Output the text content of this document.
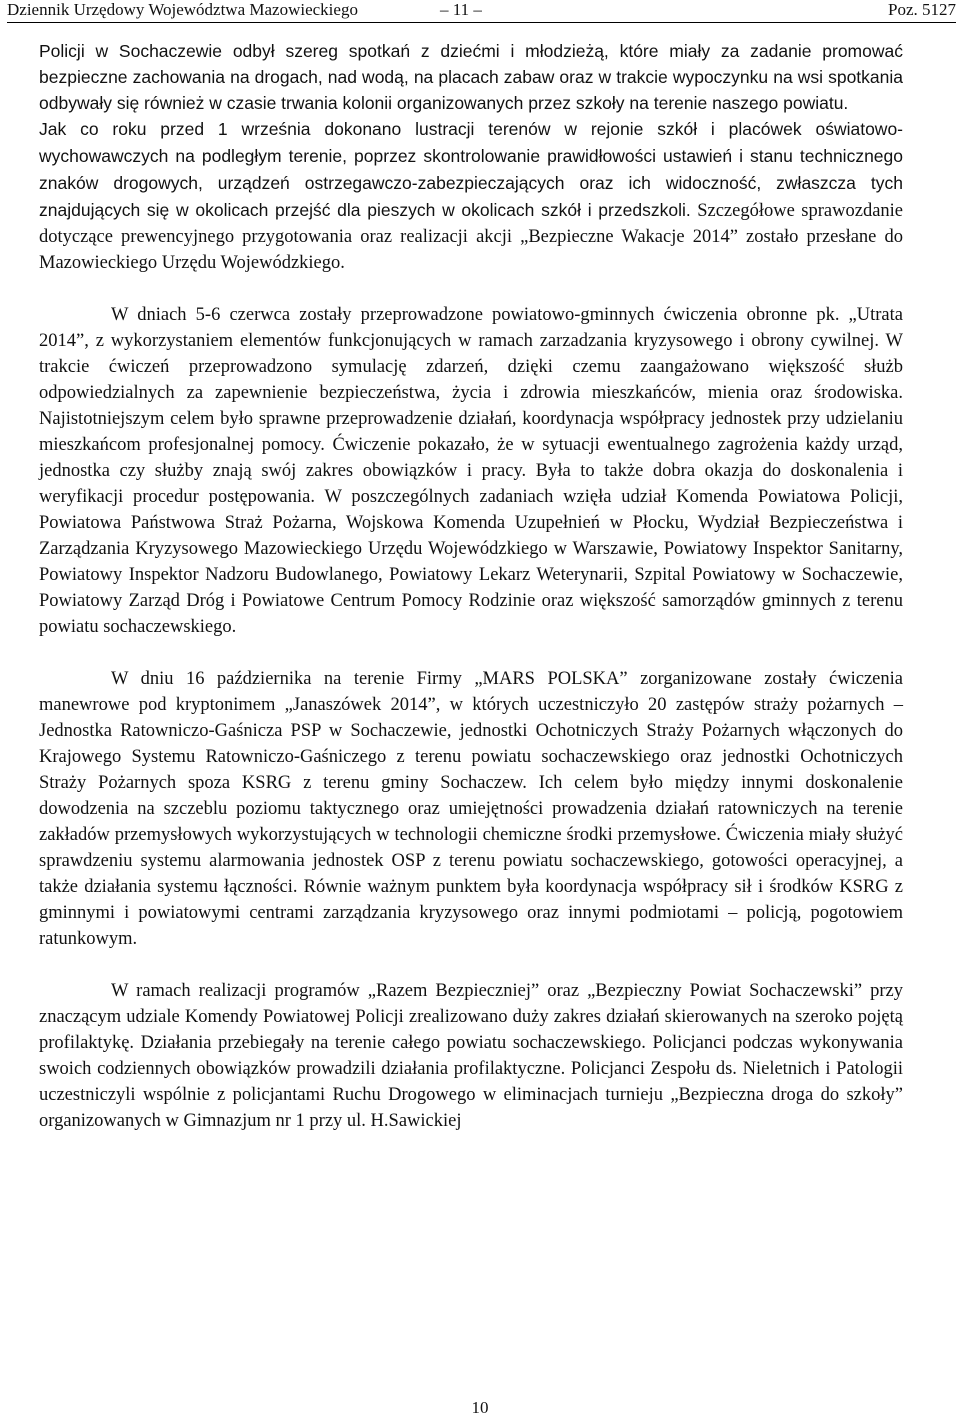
Dziennik Urzędowy Województwa Mazowieckiego	– 11 –	Poz. 5127

Policji w Sochaczewie odbył szereg spotkań z dziećmi i młodzieżą, które miały za zadanie promować bezpieczne zachowania na drogach, nad wodą, na placach zabaw oraz w trakcie wypoczynku na wsi spotkania odbywały się również w czasie trwania kolonii organizowanych przez szkoły na terenie naszego powiatu.

Jak co roku przed 1 września dokonano lustracji terenów w rejonie szkół i placówek oświatowo-wychowawczych na podległym terenie, poprzez skontrolowanie prawidłowości ustawień i stanu technicznego znaków drogowych, urządzeń ostrzegawczo-zabezpieczających oraz ich widoczność, zwłaszcza tych znajdujących się w okolicach przejść dla pieszych w okolicach szkół i przedszkoli. Szczegółowe sprawozdanie dotyczące prewencyjnego przygotowania oraz realizacji akcji „Bezpieczne Wakacje 2014” zostało przesłane do Mazowieckiego Urzędu Wojewódzkiego.

W dniach 5-6 czerwca zostały przeprowadzone powiatowo-gminnych ćwiczenia obronne pk. „Utrata 2014”, z wykorzystaniem elementów funkcjonujących w ramach zarzadzania kryzysowego i obrony cywilnej. W trakcie ćwiczeń przeprowadzono symulację zdarzeń, dzięki czemu zaangażowano większość służb odpowiedzialnych za zapewnienie bezpieczeństwa, życia i zdrowia mieszkańców, mienia oraz środowiska. Najistotniejszym celem było sprawne przeprowadzenie działań, koordynacja współpracy jednostek przy udzielaniu mieszkańcom profesjonalnej pomocy. Ćwiczenie pokazało, że w sytuacji ewentualnego zagrożenia każdy urząd, jednostka czy służby znają swój zakres obowiązków i pracy. Była to także dobra okazja do doskonalenia i weryfikacji procedur postępowania. W poszczególnych zadaniach wzięła udział Komenda Powiatowa Policji, Powiatowa Państwowa Straż Pożarna, Wojskowa Komenda Uzupełnień w Płocku, Wydział Bezpieczeństwa i Zarządzania Kryzysowego Mazowieckiego Urzędu Wojewódzkiego w Warszawie, Powiatowy Inspektor Sanitarny, Powiatowy Inspektor Nadzoru Budowlanego, Powiatowy Lekarz Weterynarii, Szpital Powiatowy w Sochaczewie, Powiatowy Zarząd Dróg i Powiatowe Centrum Pomocy Rodzinie oraz większość samorządów gminnych z terenu powiatu sochaczewskiego.

W dniu 16 października na terenie Firmy „MARS POLSKA” zorganizowane zostały ćwiczenia manewrowe pod kryptonimem „Janaszówek 2014”, w których uczestniczyło 20 zastępów straży pożarnych – Jednostka Ratowniczo-Gaśnicza PSP w Sochaczewie, jednostki Ochotniczych Straży Pożarnych włączonych do Krajowego Systemu Ratowniczo-Gaśniczego z terenu powiatu sochaczewskiego oraz jednostki Ochotniczych Straży Pożarnych spoza KSRG z terenu gminy Sochaczew. Ich celem było między innymi doskonalenie dowodzenia na szczeblu poziomu taktycznego oraz umiejętności prowadzenia działań ratowniczych na terenie zakładów przemysłowych wykorzystujących w technologii chemiczne środki przemysłowe. Ćwiczenia miały służyć sprawdzeniu systemu alarmowania jednostek OSP z terenu powiatu sochaczewskiego, gotowości operacyjnej, a także działania systemu łączności. Równie ważnym punktem była koordynacja współpracy sił i środków KSRG z gminnymi i powiatowymi centrami zarządzania kryzysowego oraz innymi podmiotami – policją, pogotowiem ratunkowym.

W ramach realizacji programów „Razem Bezpieczniej” oraz „Bezpieczny Powiat Sochaczewski” przy znaczącym udziale Komendy Powiatowej Policji zrealizowano duży zakres działań skierowanych na szeroko pojętą profilaktykę. Działania przebiegały na terenie całego powiatu sochaczewskiego. Policjanci podczas wykonywania swoich codziennych obowiązków prowadzili działania profilaktyczne. Policjanci Zespołu ds. Nieletnich i Patologii uczestniczyli wspólnie z policjantami Ruchu Drogowego w eliminacjach turnieju „Bezpieczna droga do szkoły” organizowanych w Gimnazjum nr 1 przy ul. H.Sawickiej

10
